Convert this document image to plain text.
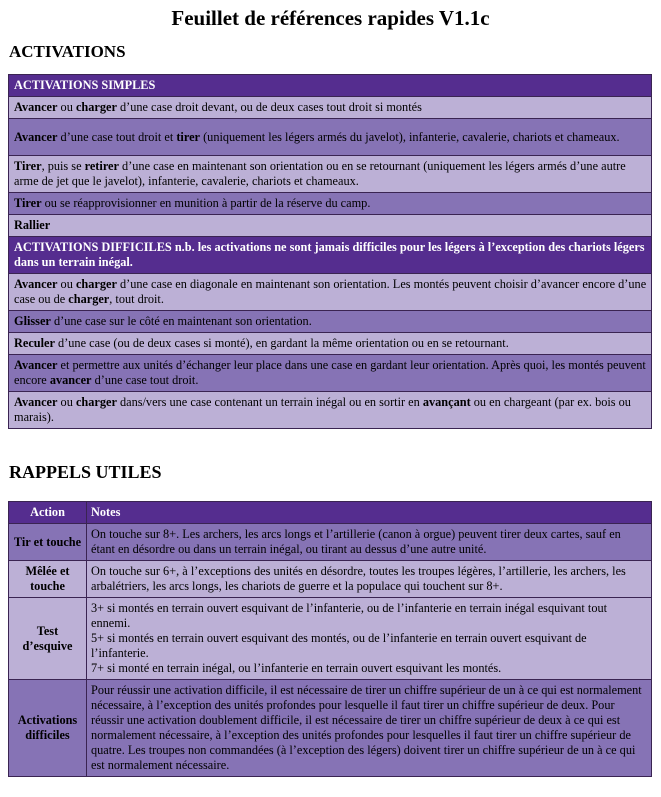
Feuillet de références rapides V1.1c
ACTIVATIONS
ACTIVATIONS SIMPLES
Avancer ou charger d’une case droit devant, ou de deux cases tout droit si montés
Avancer d’une case tout droit et tirer (uniquement les légers armés du javelot), infanterie, cavalerie, chariots et chameaux.
Tirer, puis se retirer d’une case en maintenant son orientation ou en se retournant (uniquement les légers armés d’une autre arme de jet que le javelot), infanterie, cavalerie, chariots et chameaux.
Tirer ou se réapprovisionner en munition à partir de la réserve du camp.
Rallier
ACTIVATIONS DIFFICILES n.b. les activations ne sont jamais difficiles pour les légers à l’exception des chariots légers dans un terrain inégal.
Avancer ou charger d’une case en diagonale en maintenant son orientation. Les montés peuvent choisir d’avancer encore d’une case ou de charger, tout droit.
Glisser d’une case sur le côté en maintenant son orientation.
Reculer d’une case (ou de deux cases si monté), en gardant la même orientation ou en se retournant.
Avancer et permettre aux unités d’échanger leur place dans une case en gardant leur orientation. Après quoi, les montés peuvent encore avancer d’une case tout droit.
Avancer ou charger dans/vers une case contenant un terrain inégal ou en sortir en avançant ou en chargeant (par ex. bois ou marais).
RAPPELS UTILES
Action	Notes
Tir et touche	On touche sur 8+. Les archers, les arcs longs et l’artillerie (canon à orgue) peuvent tirer deux cartes, sauf en étant en désordre ou dans un terrain inégal, ou tirant au dessus d’une autre unité.

Mêlée et touche	On touche sur 6+, à l’exceptions des unités en désordre, toutes les troupes légères, l’artillerie, les archers, les arbalétriers, les arcs longs, les chariots de guerre et la populace qui touchent sur 8+.

Test d’esquive	3+ si montés en terrain ouvert esquivant de l’infanterie, ou de l’infanterie en terrain inégal esquivant tout ennemi.
5+ si montés en terrain ouvert esquivant des montés, ou de l’infanterie en terrain ouvert esquivant de l’infanterie.
7+ si monté en terrain inégal, ou l’infanterie en terrain ouvert esquivant les montés.

Activations difficiles	Pour réussir une activation difficile, il est nécessaire de tirer un chiffre supérieur de un à ce qui est normalement nécessaire, à l’exception des unités profondes pour lesquelle il faut tirer un chiffre supérieur de deux. Pour réussir une activation doublement difficile, il est nécessaire de tirer un chiffre supérieur de deux à ce qui est normalement nécessaire, à l’exception des unités profondes pour lesquelles il faut tirer un chiffre supérieur de quatre. Les troupes non commandées (à l’exception des légers) doivent tirer un chiffre supérieur de un à ce qui est normalement nécessaire.
